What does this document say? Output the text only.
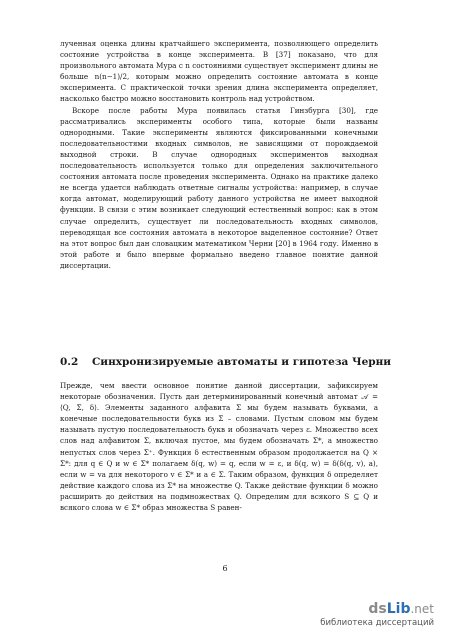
лученная оценка длины кратчайшего эксперимента, позволяющего определить состояние устройства в конце эксперимента. В [37] показано, что для произвольного автомата Мура с n состояниями существует эксперимент длины не больше n(n−1)/2, которым можно определить состояние автомата в конце эксперимента. С практической точки зрения длина эксперимента определяет, насколько быстро можно восстановить контроль над устройством.

Вскоре после работы Мура появилась статья Гинзбурга [30], где рассматривались эксперименты особого типа, которые были названы однородными. Такие эксперименты являются фиксированными конечными последовательностями входных символов, не зависящими от порождаемой выходной строки. В случае однородных экспериментов выходная последовательность используется только для определения заключительного состояния автомата после проведения эксперимента. Однако на практике далеко не всегда удается наблюдать ответные сигналы устройства: например, в случае когда автомат, моделирующий работу данного устройства не имеет выходной функции. В связи с этим возникает следующий естественный вопрос: как в этом случае определить, существует ли последовательность входных символов, переводящая все состояния автомата в некоторое выделенное состояние? Ответ на этот вопрос был дан словацким математиком Черни [20] в 1964 году. Именно в этой работе и было впервые формально введено главное понятие данной диссертации.

0.2 Синхронизируемые автоматы и гипотеза Черни

Прежде, чем ввести основное понятие данной диссертации, зафиксируем некоторые обозначения. Пусть дан детерминированный конечный автомат 𝒜 = ⟨Q, Σ, δ⟩. Элементы заданного алфавита Σ мы будем называть буквами, а конечные последовательности букв из Σ – словами. Пустым словом мы будем называть пустую последовательность букв и обозначать через ε. Множество всех слов над алфавитом Σ, включая пустое, мы будем обозначать Σ*, а множество непустых слов через Σ⁺. Функция δ естественным образом продолжается на Q × Σ*: для q ∈ Q и w ∈ Σ* полагаем δ(q, w) = q, если w = ε, и δ(q, w) = δ(δ(q, v), a), если w = va для некоторого v ∈ Σ* и a ∈ Σ. Таким образом, функция δ определяет действие каждого слова из Σ* на множестве Q. Также действие функции δ можно расширить до действия на подмножествах Q. Определим для всякого S ⊆ Q и всякого слова w ∈ Σ* образ множества S равен-

6
dsLib.net
библиотека диссертаций
